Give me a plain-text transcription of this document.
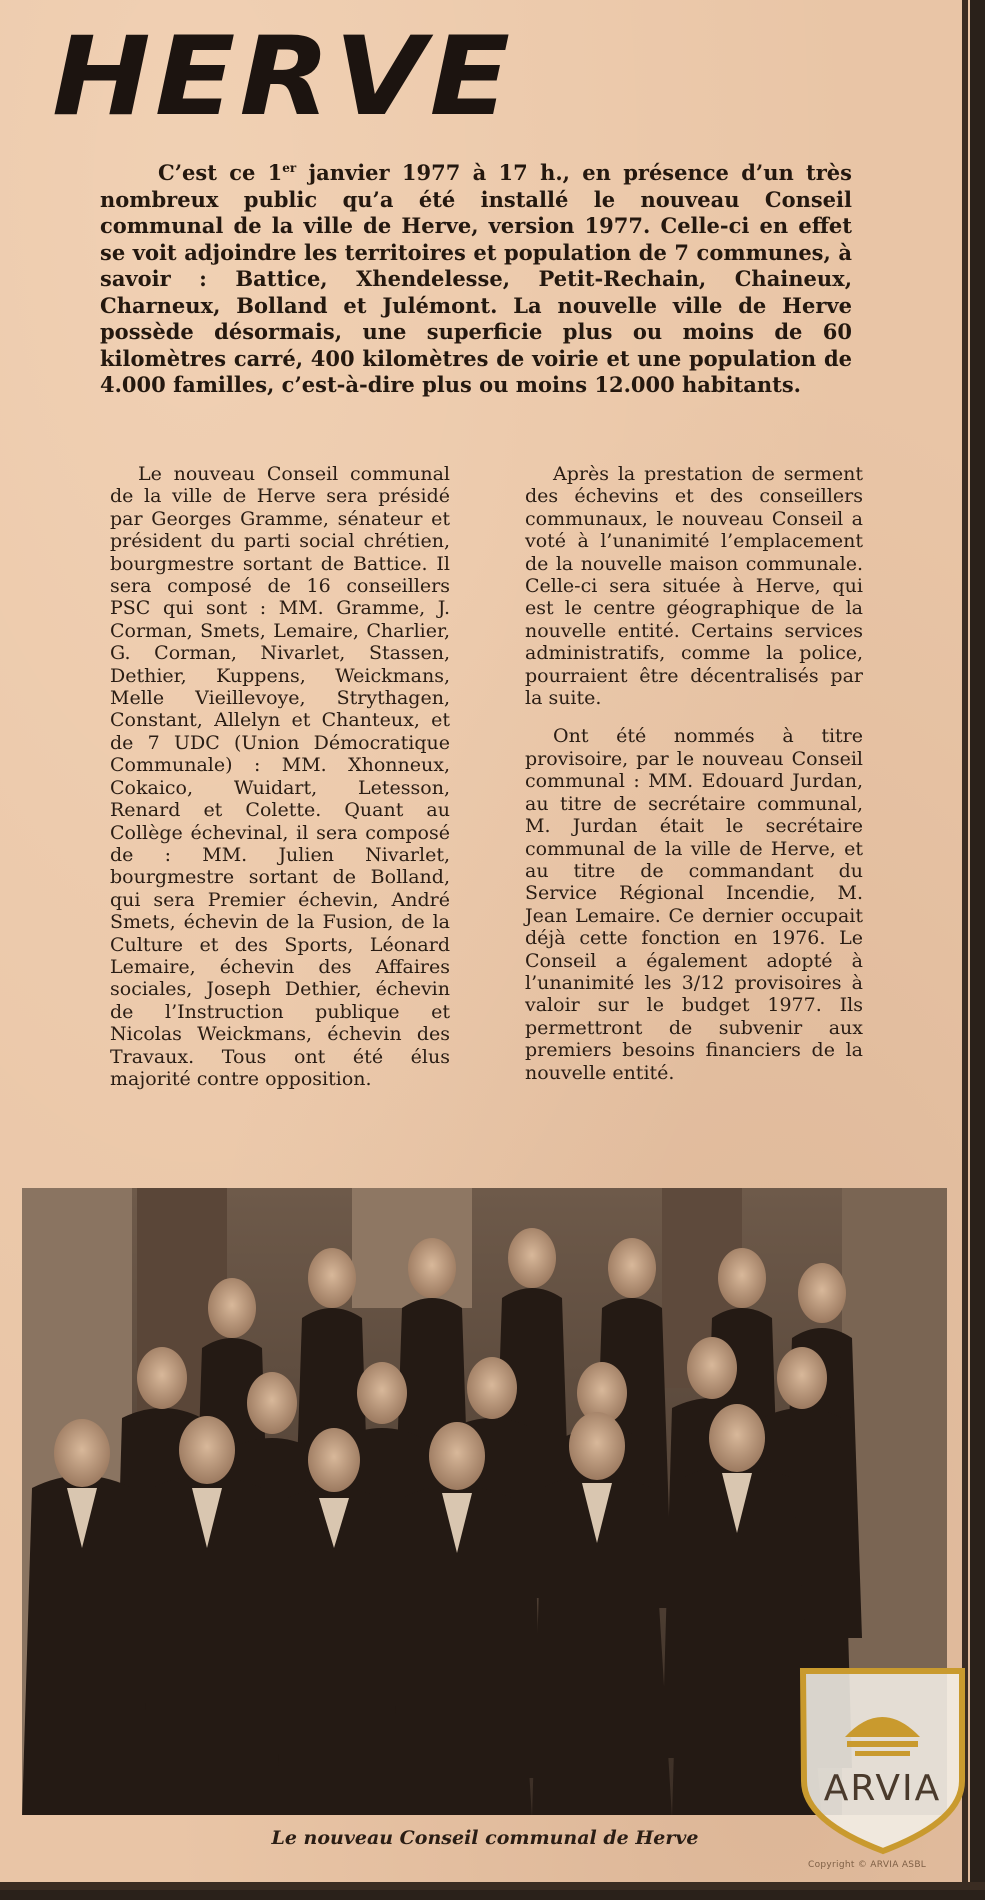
HERVE
C’est ce 1er janvier 1977 à 17 h., en présence d’un très nombreux public qu’a été installé le nouveau Conseil communal de la ville de Herve, version 1977. Celle-ci en effet se voit adjoindre les territoires et population de 7 communes, à savoir : Battice, Xhendelesse, Petit-Rechain, Chaineux, Charneux, Bolland et Julémont. La nouvelle ville de Herve possède désormais, une superficie plus ou moins de 60 kilomètres carré, 400 kilomètres de voirie et une population de 4.000 familles, c’est-à-dire plus ou moins 12.000 habitants.

Le nouveau Conseil communal de la ville de Herve sera présidé par Georges Gramme, sénateur et président du parti social chrétien, bourgmestre sortant de Battice. Il sera composé de 16 conseillers PSC qui sont : MM. Gramme, J. Corman, Smets, Lemaire, Charlier, G. Corman, Nivarlet, Stassen, Dethier, Kuppens, Weickmans, Melle Vieillevoye, Strythagen, Constant, Allelyn et Chanteux, et de 7 UDC (Union Démocratique Communale) : MM. Xhonneux, Cokaico, Wuidart, Letesson, Renard et Colette. Quant au Collège échevinal, il sera composé de : MM. Julien Nivarlet, bourgmestre sortant de Bolland, qui sera Premier échevin, André Smets, échevin de la Fusion, de la Culture et des Sports, Léonard Lemaire, échevin des Affaires sociales, Joseph Dethier, échevin de l’Instruction publique et Nicolas Weickmans, échevin des Travaux. Tous ont été élus majorité contre opposition.

Après la prestation de serment des échevins et des conseillers communaux, le nouveau Conseil a voté à l’unanimité l’emplacement de la nouvelle maison communale. Celle-ci sera située à Herve, qui est le centre géographique de la nouvelle entité. Certains services administratifs, comme la police, pourraient être décentralisés par la suite.

Ont été nommés à titre provisoire, par le nouveau Conseil communal : MM. Edouard Jurdan, au titre de secrétaire communal, M. Jurdan était le secrétaire communal de la ville de Herve, et au titre de commandant du Service Régional Incendie, M. Jean Lemaire. Ce dernier occupait déjà cette fonction en 1976. Le Conseil a également adopté à l’unanimité les 3/12 provisoires à valoir sur le budget 1977. Ils permettront de subvenir aux premiers besoins financiers de la nouvelle entité.

Le nouveau Conseil communal de Herve
ARVIA
Copyright © ARVIA ASBL
